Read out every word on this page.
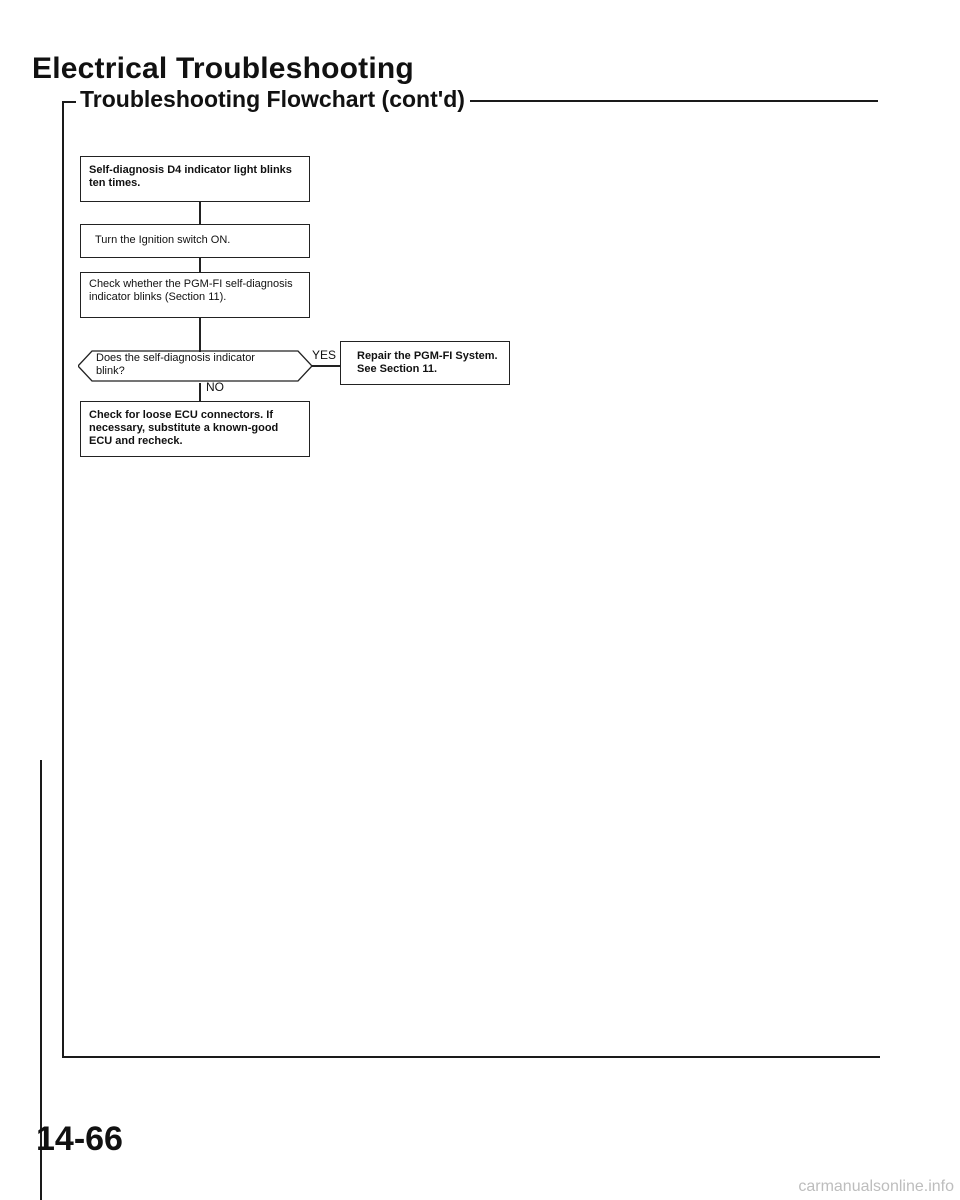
Electrical Troubleshooting
Troubleshooting Flowchart (cont'd)
Self-diagnosis D4 indicator light blinks ten times.
Turn the Ignition switch ON.
Check whether the PGM-FI self-diagnosis indicator blinks (Section 11).
Does the self-diagnosis indicator
blink?
YES	Repair the PGM-FI System. See Section 11.
NO
Check for loose ECU connectors. If necessary, substitute a known-good ECU and recheck.
14-66
carmanualsonline.info
